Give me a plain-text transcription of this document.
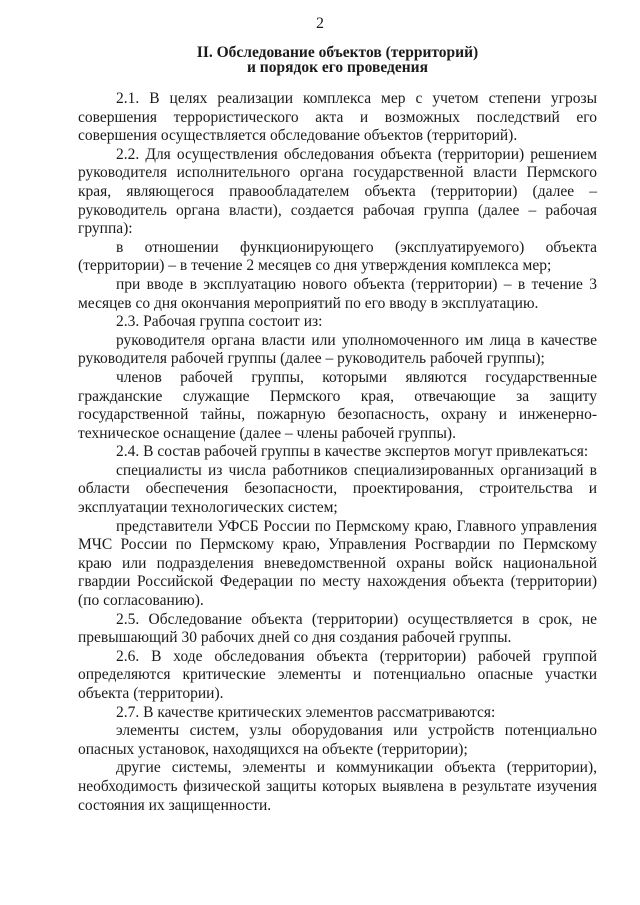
2
II. Обследование объектов (территорий)
и порядок его проведения

2.1. В целях реализации комплекса мер с учетом степени угрозы совершения террористического акта и возможных последствий его совершения осуществляется обследование объектов (территорий).

2.2. Для осуществления обследования объекта (территории) решением руководителя исполнительного органа государственной власти Пермского края, являющегося правообладателем объекта (территории) (далее – руководитель органа власти), создается рабочая группа (далее – рабочая группа):

в отношении функционирующего (эксплуатируемого) объекта (территории) – в течение 2 месяцев со дня утверждения комплекса мер;

при вводе в эксплуатацию нового объекта (территории) – в течение 3 месяцев со дня окончания мероприятий по его вводу в эксплуатацию.

2.3. Рабочая группа состоит из:

руководителя органа власти или уполномоченного им лица в качестве руководителя рабочей группы (далее – руководитель рабочей группы);

членов рабочей группы, которыми являются государственные гражданские служащие Пермского края, отвечающие за защиту государственной тайны, пожарную безопасность, охрану и инженерно-техническое оснащение (далее – члены рабочей группы).

2.4. В состав рабочей группы в качестве экспертов могут привлекаться:

специалисты из числа работников специализированных организаций в области обеспечения безопасности, проектирования, строительства и эксплуатации технологических систем;

представители УФСБ России по Пермскому краю, Главного управления МЧС России по Пермскому краю, Управления Росгвардии по Пермскому краю или подразделения вневедомственной охраны войск национальной гвардии Российской Федерации по месту нахождения объекта (территории) (по согласованию).

2.5. Обследование объекта (территории) осуществляется в срок, не превышающий 30 рабочих дней со дня создания рабочей группы.

2.6. В ходе обследования объекта (территории) рабочей группой определяются критические элементы и потенциально опасные участки объекта (территории).

2.7. В качестве критических элементов рассматриваются:

элементы систем, узлы оборудования или устройств потенциально опасных установок, находящихся на объекте (территории);

другие системы, элементы и коммуникации объекта (территории), необходимость физической защиты которых выявлена в результате изучения состояния их защищенности.
